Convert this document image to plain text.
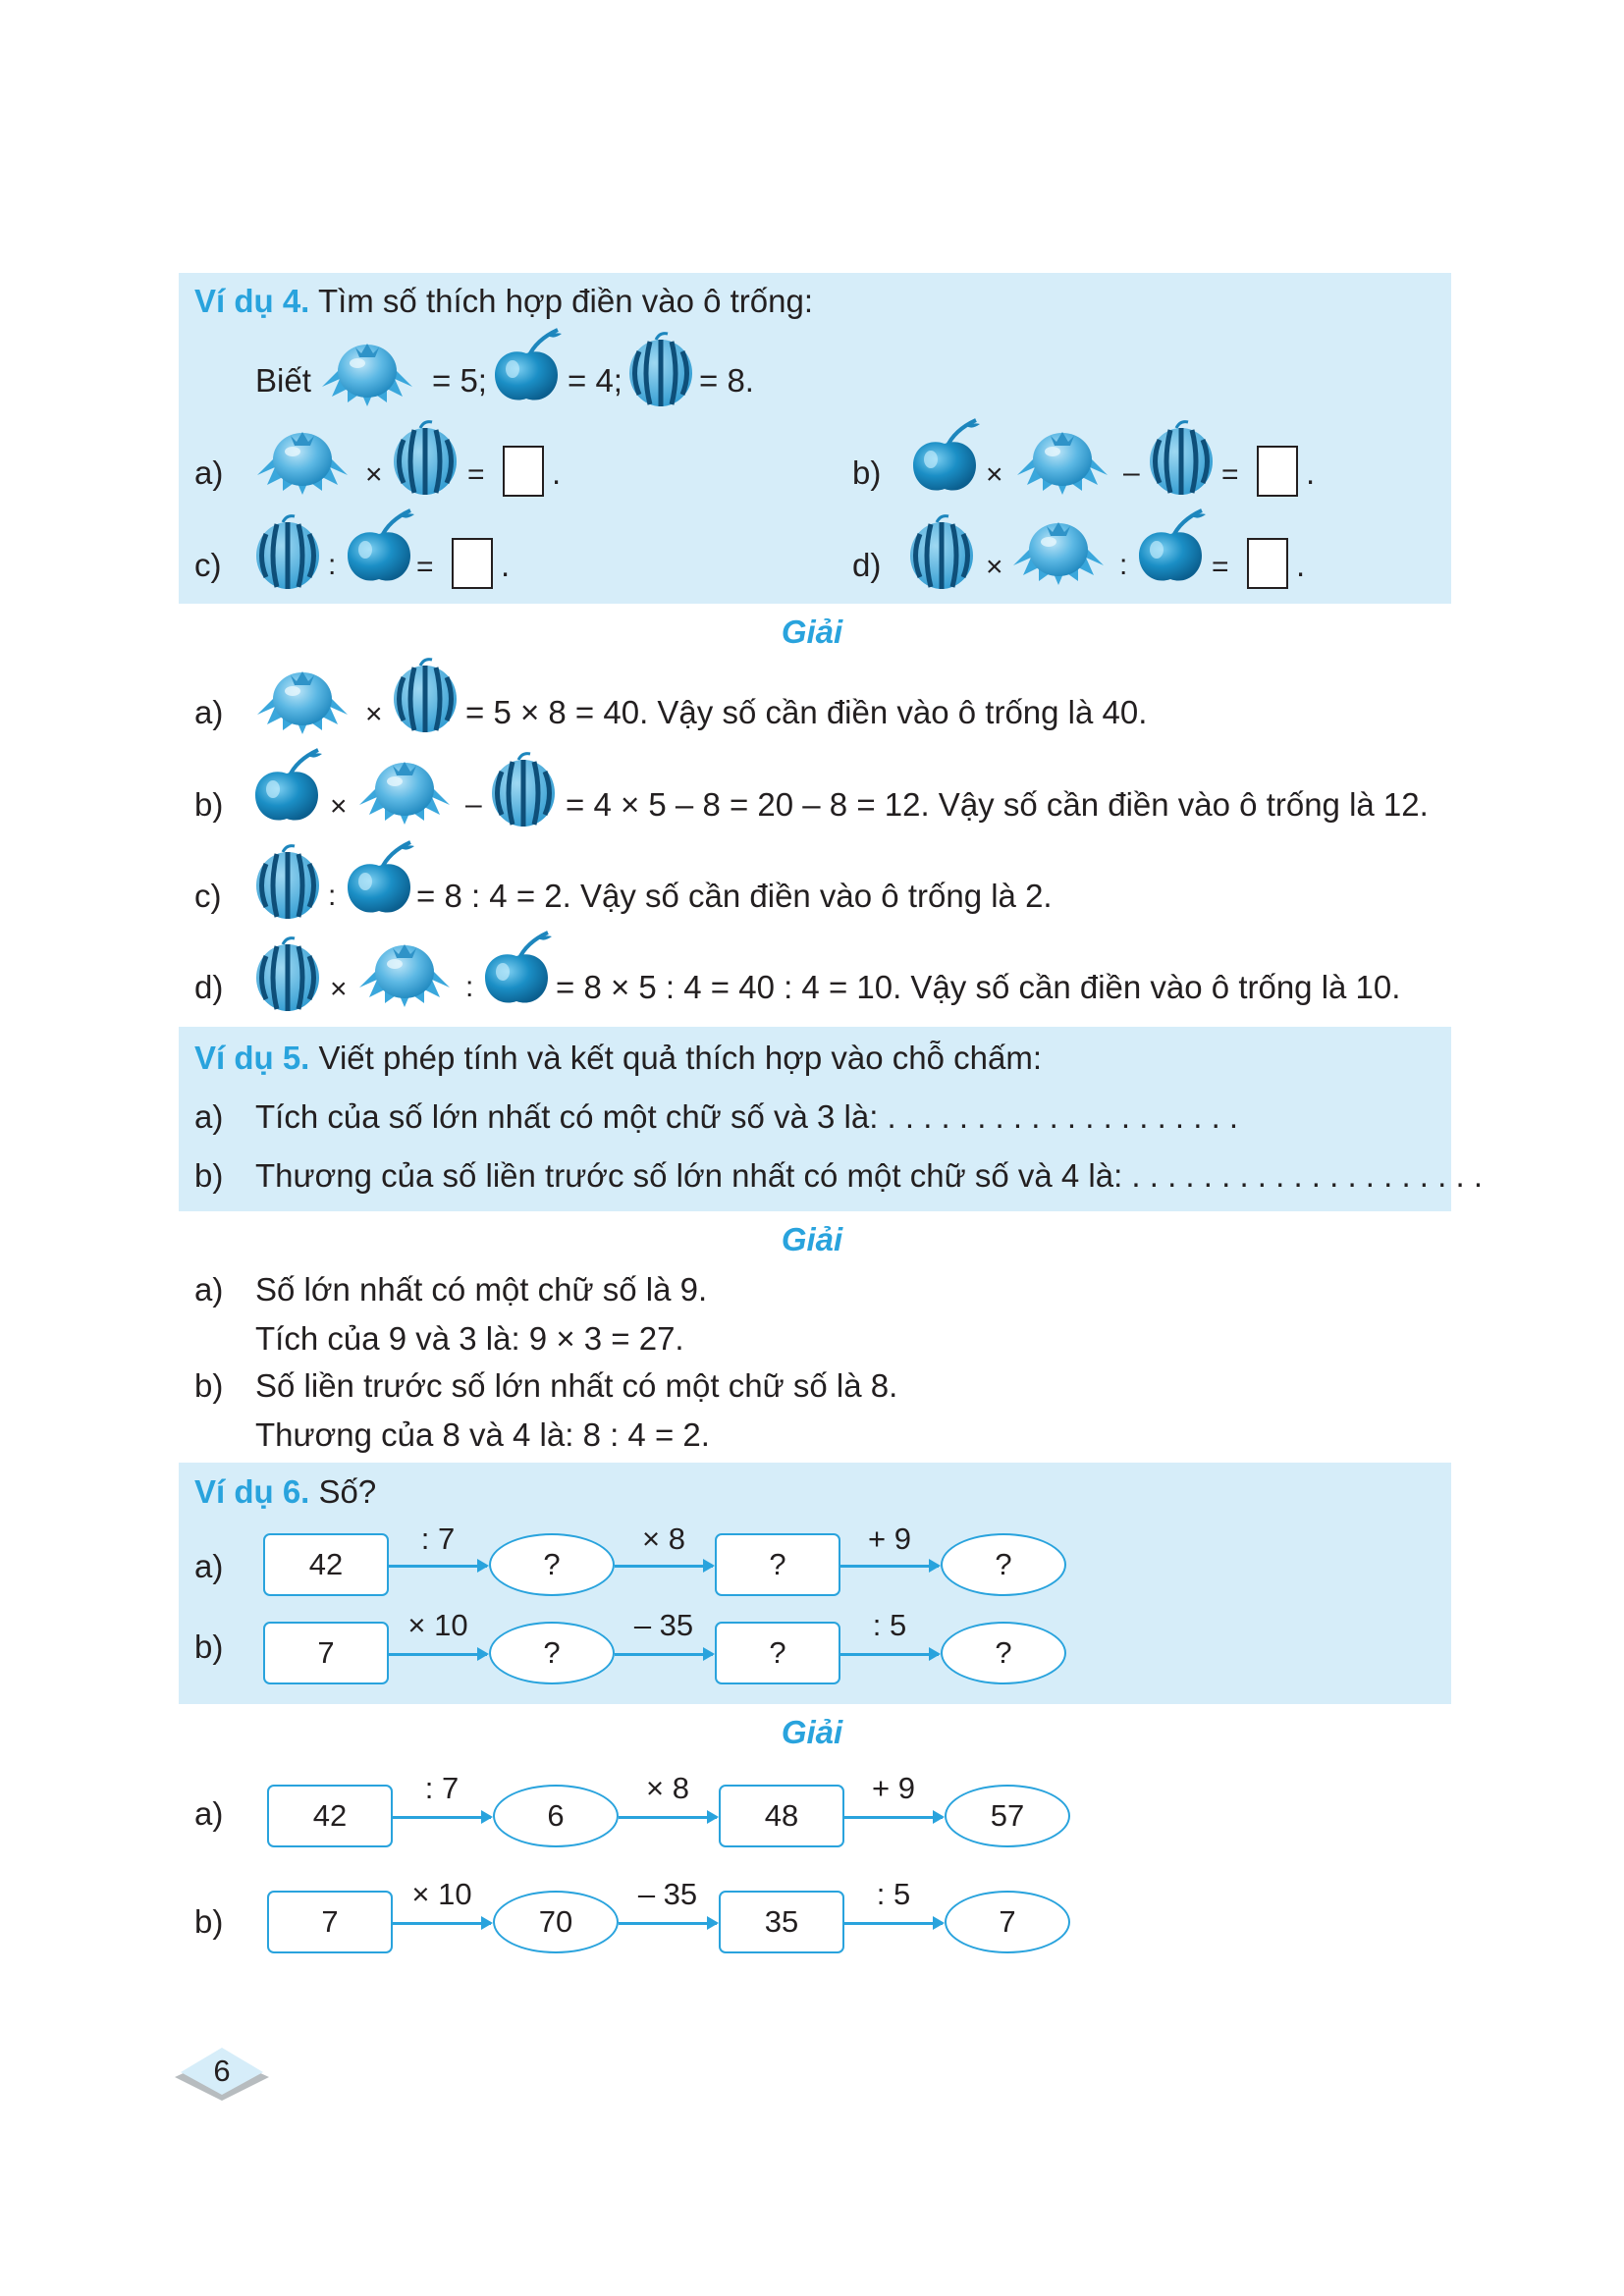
Ví dụ 4. Tìm số thích hợp điền vào ô trống:
Biết	= 5; = 4; = 8.
a)	×	= .	b)	×	–	= .
c)	:	= .	d)	×	:	= .
Giải
a)	×	= 5 × 8 = 40. Vậy số cần điền vào ô trống là 40.
b)	×	–	= 4 × 5 – 8 = 20 – 8 = 12. Vậy số cần điền vào ô trống là 12.
c)	: = 8 : 4 = 2. Vậy số cần điền vào ô trống là 2.
d)	×	:	= 8 × 5 : 4 = 40 : 4 = 10. Vậy số cần điền vào ô trống là 10.
Ví dụ 5. Viết phép tính và kết quả thích hợp vào chỗ chấm:
a) Tích của số lớn nhất có một chữ số và 3 là: . . . . . . . . . . . . . . . . . . . .
b) Thương của số liền trước số lớn nhất có một chữ số và 4 là: . . . . . . . . . . . . . . . . . . . .
Giải
a) Số lớn nhất có một chữ số là 9.
Tích của 9 và 3 là: 9 × 3 = 27.
b) Số liền trước số lớn nhất có một chữ số là 8.
Thương của 8 và 4 là: 8 : 4 = 2.
Ví dụ 6. Số?
a)	42
: 7
?
× 8
?
+ 9
?
b)	7
× 10
?
– 35
?
: 5
?
Giải
a)	42
: 7
6
× 8
48
+ 9
57
b)	7
× 10
70
– 35
35
: 5
7
6
